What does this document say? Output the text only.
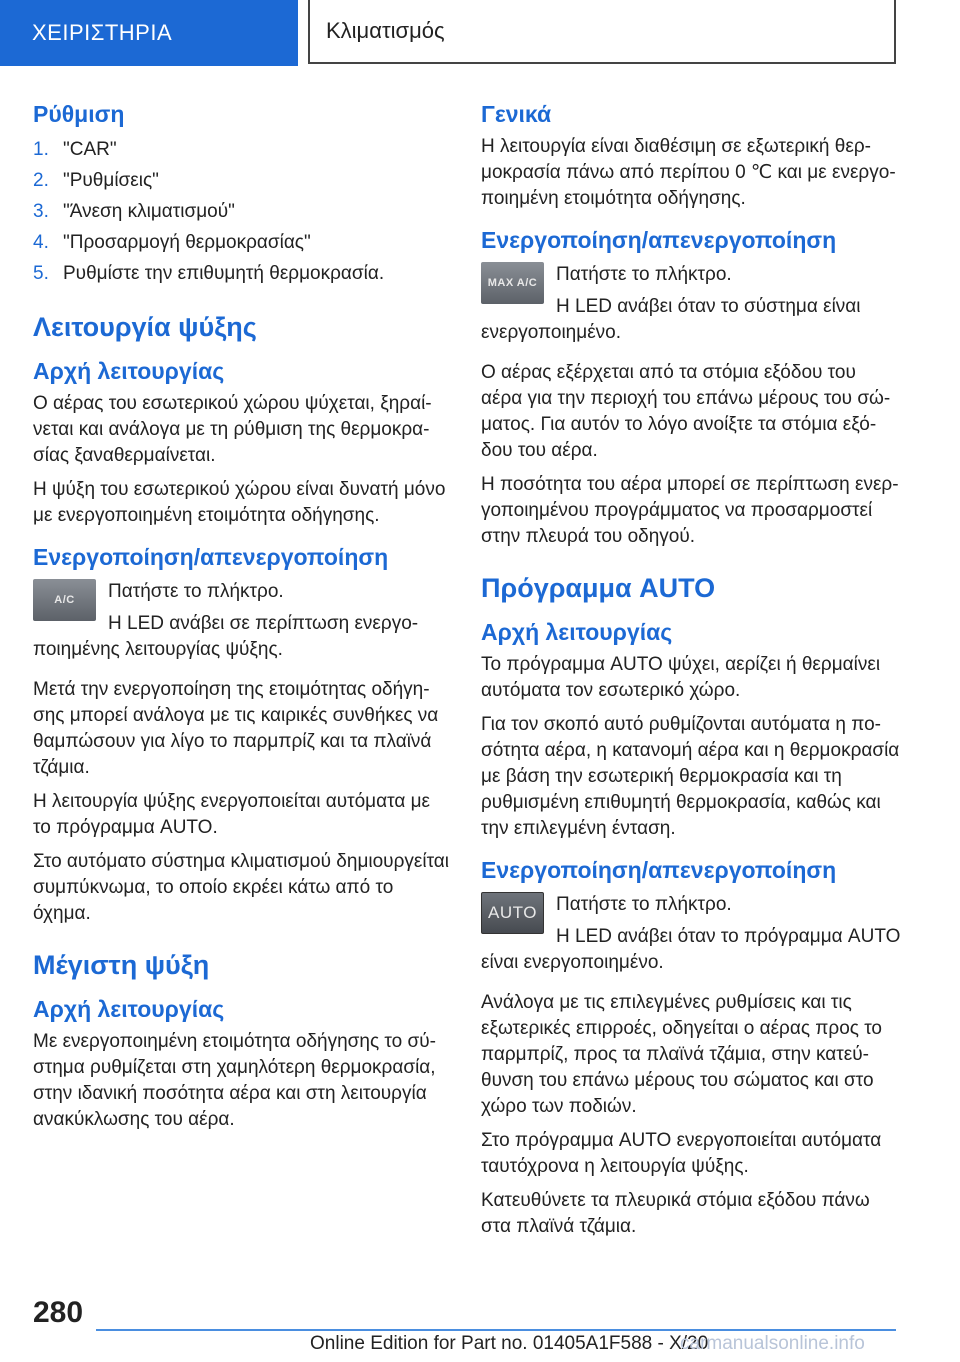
ΧΕΙΡΙΣΤΗΡΙΑ	Κλιματισμός
Ρύθμιση
1. "CAR"
2. "Ρυθμίσεις"
3. "Άνεση κλιματισμού"
4. "Προσαρμογή θερμοκρασίας"
5. Ρυθμίστε την επιθυμητή θερμοκρασία.
Λειτουργία ψύξης
Αρχή λειτουργίας

Ο αέρας του εσωτερικού χώρου ψύχεται, ξηραίνεται και ανάλογα με τη ρύθμιση της θερμοκρασίας ξαναθερμαίνεται.

Η ψύξη του εσωτερικού χώρου είναι δυνατή μόνο με ενεργοποιημένη ετοιμότητα οδήγησης.

Ενεργοποίηση/απενεργοποίηση
A/C	Πατήστε το πλήκτρο.

Η LED ανάβει σε περίπτωση ενεργοποιημένης λειτουργίας ψύξης.

Μετά την ενεργοποίηση της ετοιμότητας οδήγησης μπορεί ανάλογα με τις καιρικές συνθήκες να θαμπώσουν για λίγο το παρμπρίζ και τα πλαϊνά τζάμια.

Η λειτουργία ψύξης ενεργοποιείται αυτόματα με το πρόγραμμα AUTO.

Στο αυτόματο σύστημα κλιματισμού δημιουργείται συμπύκνωμα, το οποίο εκρέει κάτω από το όχημα.

Μέγιστη ψύξη
Αρχή λειτουργίας

Με ενεργοποιημένη ετοιμότητα οδήγησης το σύστημα ρυθμίζεται στη χαμηλότερη θερμοκρασία, στην ιδανική ποσότητα αέρα και στη λειτουργία ανακύκλωσης του αέρα.

Γενικά

Η λειτουργία είναι διαθέσιμη σε εξωτερική θερμοκρασία πάνω από περίπου 0 ℃ και με ενεργοποιημένη ετοιμότητα οδήγησης.

Ενεργοποίηση/απενεργοποίηση
MAX A/C Πατήστε το πλήκτρο.

Η LED ανάβει όταν το σύστημα είναι ενεργοποιημένο.

Ο αέρας εξέρχεται από τα στόμια εξόδου του αέρα για την περιοχή του επάνω μέρους του σώματος. Για αυτόν το λόγο ανοίξτε τα στόμια εξόδου του αέρα.

Η ποσότητα του αέρα μπορεί σε περίπτωση ενεργοποιημένου προγράμματος να προσαρμοστεί στην πλευρά του οδηγού.

Πρόγραμμα AUTO
Αρχή λειτουργίας

Το πρόγραμμα AUTO ψύχει, αερίζει ή θερμαίνει αυτόματα τον εσωτερικό χώρο.

Για τον σκοπό αυτό ρυθμίζονται αυτόματα η ποσότητα αέρα, η κατανομή αέρα και η θερμοκρασία με βάση την εσωτερική θερμοκρασία και τη ρυθμισμένη επιθυμητή θερμοκρασία, καθώς και την επιλεγμένη ένταση.

Ενεργοποίηση/απενεργοποίηση
AUTO	Πατήστε το πλήκτρο.

Η LED ανάβει όταν το πρόγραμμα AUTO είναι ενεργοποιημένο.

Ανάλογα με τις επιλεγμένες ρυθμίσεις και τις εξωτερικές επιρροές, οδηγείται ο αέρας προς το παρμπρίζ, προς τα πλαϊνά τζάμια, στην κατεύθυνση του επάνω μέρους του σώματος και στο χώρο των ποδιών.

Στο πρόγραμμα AUTO ενεργοποιείται αυτόματα ταυτόχρονα η λειτουργία ψύξης.

Κατευθύνετε τα πλευρικά στόμια εξόδου πάνω στα πλαϊνά τζάμια.

280
Online Edition for Part no. 01405A1F588 - X/20
carmanualsonline.info
